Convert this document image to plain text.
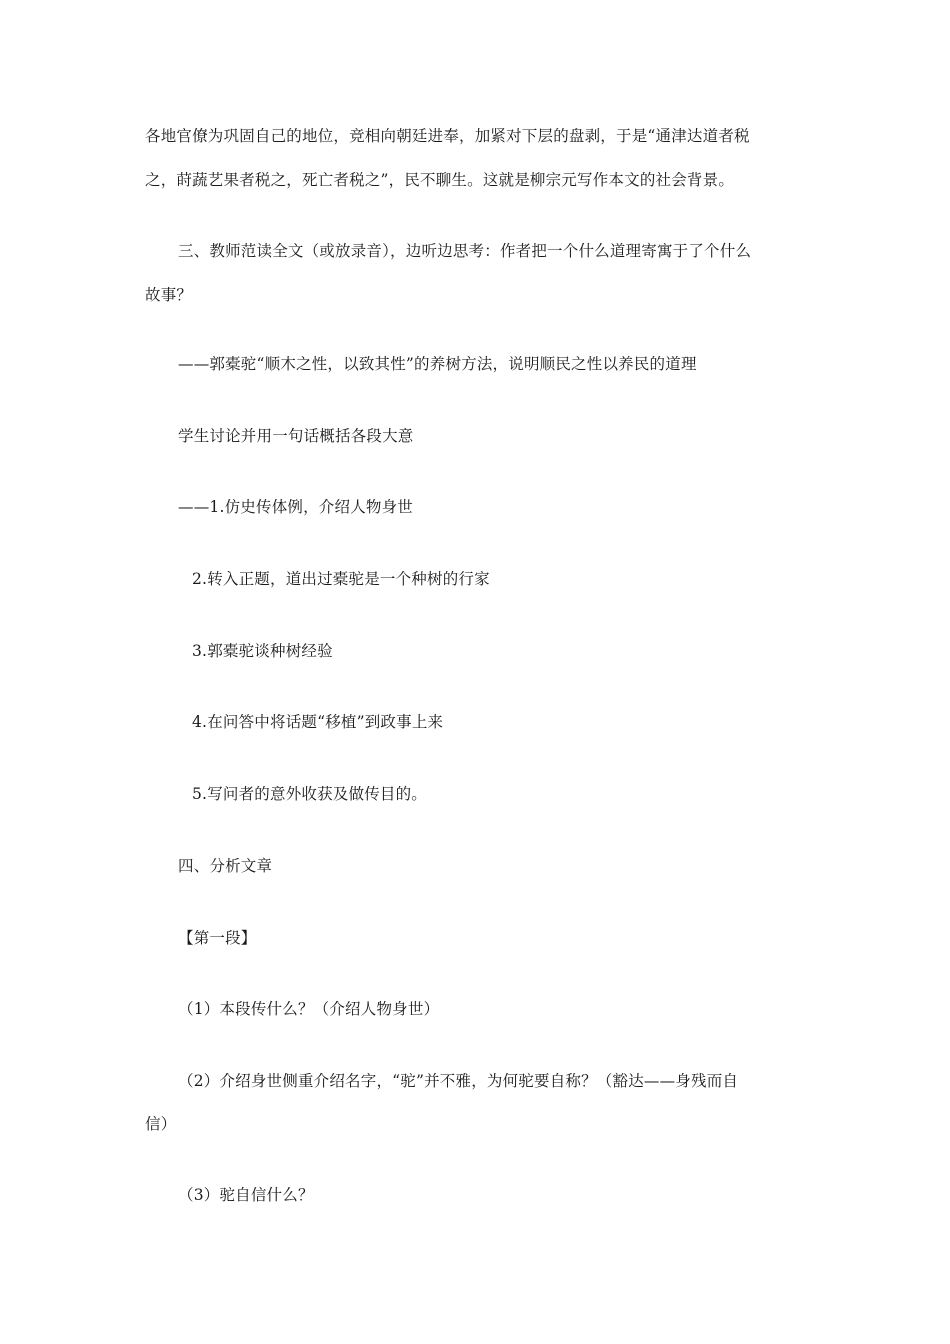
各地官僚为巩固自己的地位，竞相向朝廷进奉，加紧对下层的盘剥，于是“通津达道者税
之，莳蔬艺果者税之，死亡者税之”，民不聊生。这就是柳宗元写作本文的社会背景。
三、教师范读全文（或放录音），边听边思考：作者把一个什么道理寄寓于了个什么
故事？
——郭橐驼“顺木之性，以致其性”的养树方法，说明顺民之性以养民的道理
学生讨论并用一句话概括各段大意
——1.仿史传体例，介绍人物身世
2.转入正题，道出过橐驼是一个种树的行家
3.郭橐驼谈种树经验
4.在问答中将话题“移植”到政事上来
5.写问者的意外收获及做传目的。
四、分析文章
【第一段】
（1）本段传什么？（介绍人物身世）
（2）介绍身世侧重介绍名字，“驼”并不雅，为何驼要自称？（豁达——身残而自
信）
（3）驼自信什么？
